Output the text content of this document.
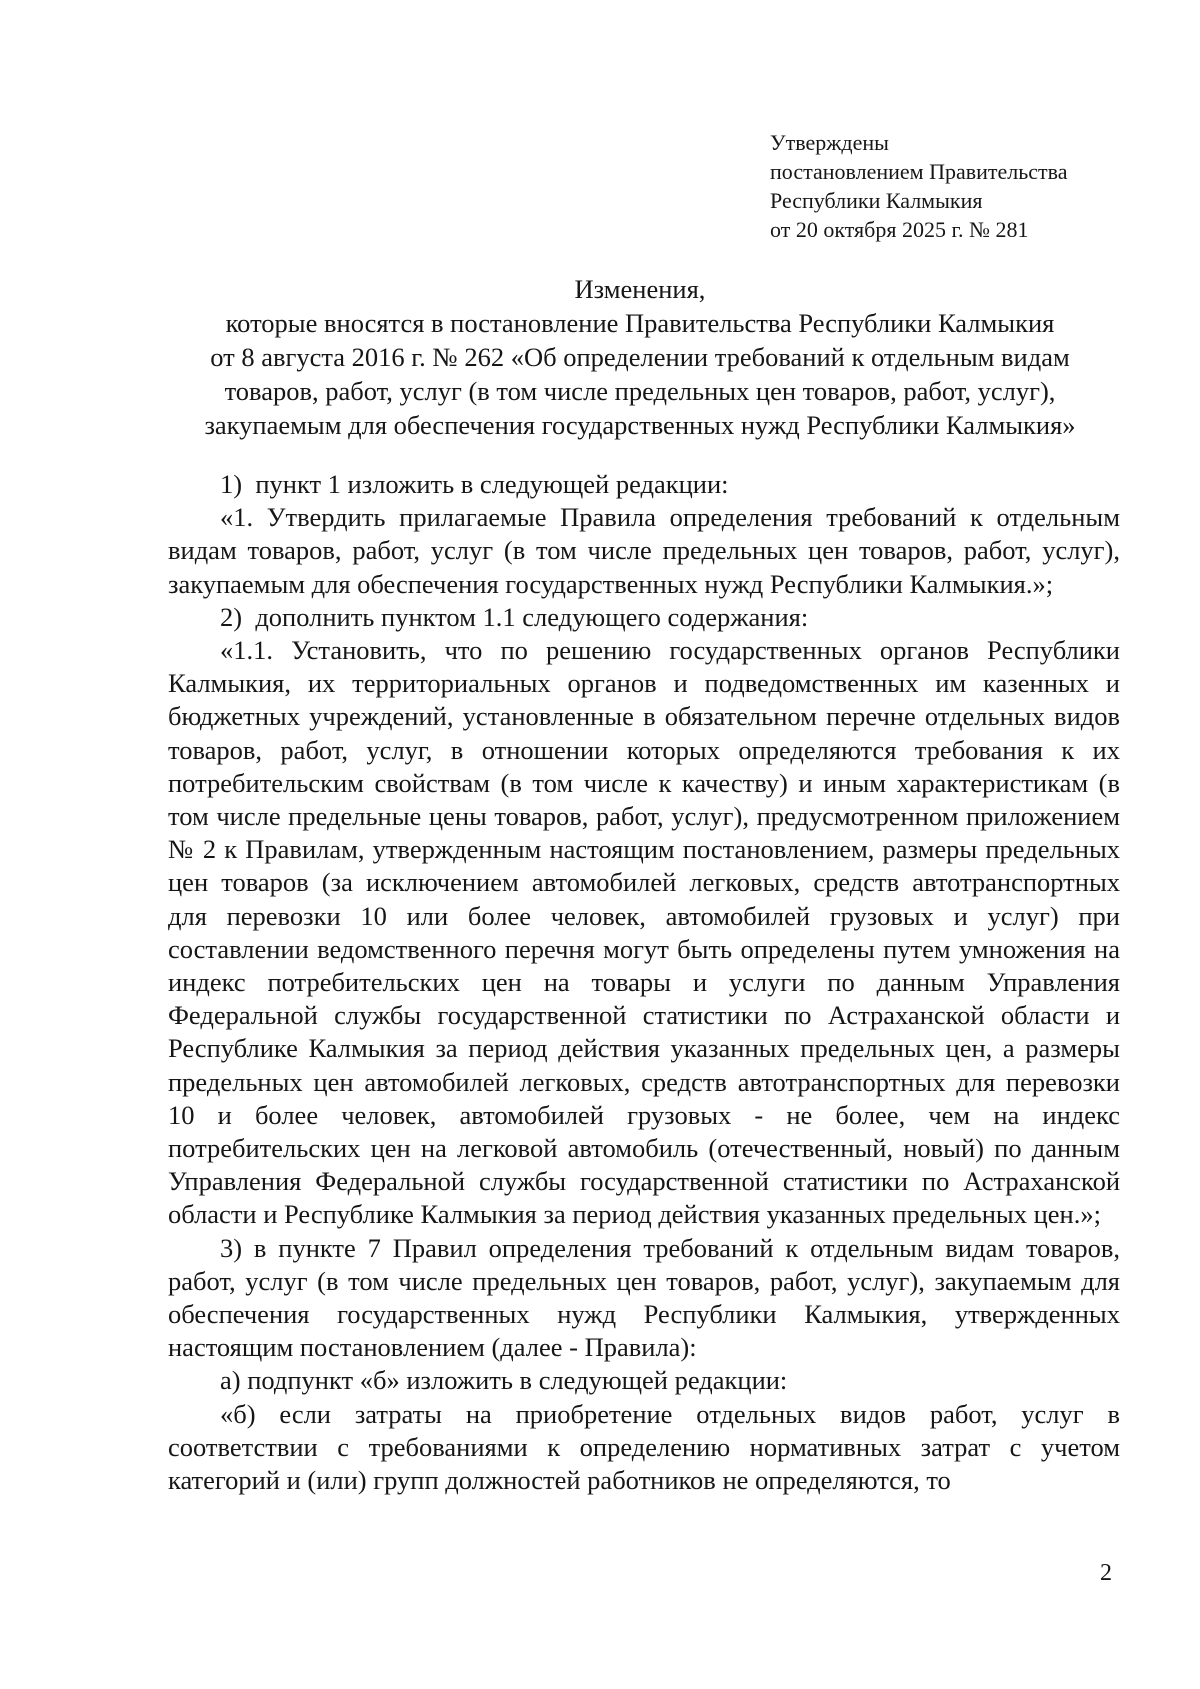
Утверждены
постановлением Правительства
Республики Калмыкия
от 20 октября 2025 г. № 281
Изменения,
которые вносятся в постановление Правительства Республики Калмыкия
от 8 августа 2016 г. № 262 «Об определении требований к отдельным видам
товаров, работ, услуг (в том числе предельных цен товаров, работ, услуг),
закупаемым для обеспечения государственных нужд Республики Калмыкия»

1)  пункт 1 изложить в следующей редакции:

«1. Утвердить прилагаемые Правила определения требований к отдельным видам товаров, работ, услуг (в том числе предельных цен товаров, работ, услуг), закупаемым для обеспечения государственных нужд Республики Калмыкия.»;

2)  дополнить пунктом 1.1 следующего содержания:

«1.1. Установить, что по решению государственных органов Республики Калмыкия, их территориальных органов и подведомственных им казенных и бюджетных учреждений, установленные в обязательном перечне отдельных видов товаров, работ, услуг, в отношении которых определяются требования к их потребительским свойствам (в том числе к качеству) и иным характеристикам (в том числе предельные цены товаров, работ, услуг), предусмотренном приложением № 2 к Правилам, утвержденным настоящим постановлением, размеры предельных цен товаров (за исключением автомобилей легковых, средств автотранспортных для перевозки 10 или более человек, автомобилей грузовых и услуг) при составлении ведомственного перечня могут быть определены путем умножения на индекс потребительских цен на товары и услуги по данным Управления Федеральной службы государственной статистики по Астраханской области и Республике Калмыкия за период действия указанных предельных цен, а размеры предельных цен автомобилей легковых, средств автотранспортных для перевозки 10 и более человек, автомобилей грузовых - не более, чем на индекс потребительских цен на легковой автомобиль (отечественный, новый) по данным Управления Федеральной службы государственной статистики по Астраханской области и Республике Калмыкия за период действия указанных предельных цен.»;

3) в пункте 7 Правил определения требований к отдельным видам товаров, работ, услуг (в том числе предельных цен товаров, работ, услуг), закупаемым для обеспечения государственных нужд Республики Калмыкия, утвержденных настоящим постановлением (далее - Правила):

а) подпункт «б» изложить в следующей редакции:

«б) если затраты на приобретение отдельных видов работ, услуг в соответствии с требованиями к определению нормативных затрат с учетом категорий и (или) групп должностей работников не определяются, то

2
